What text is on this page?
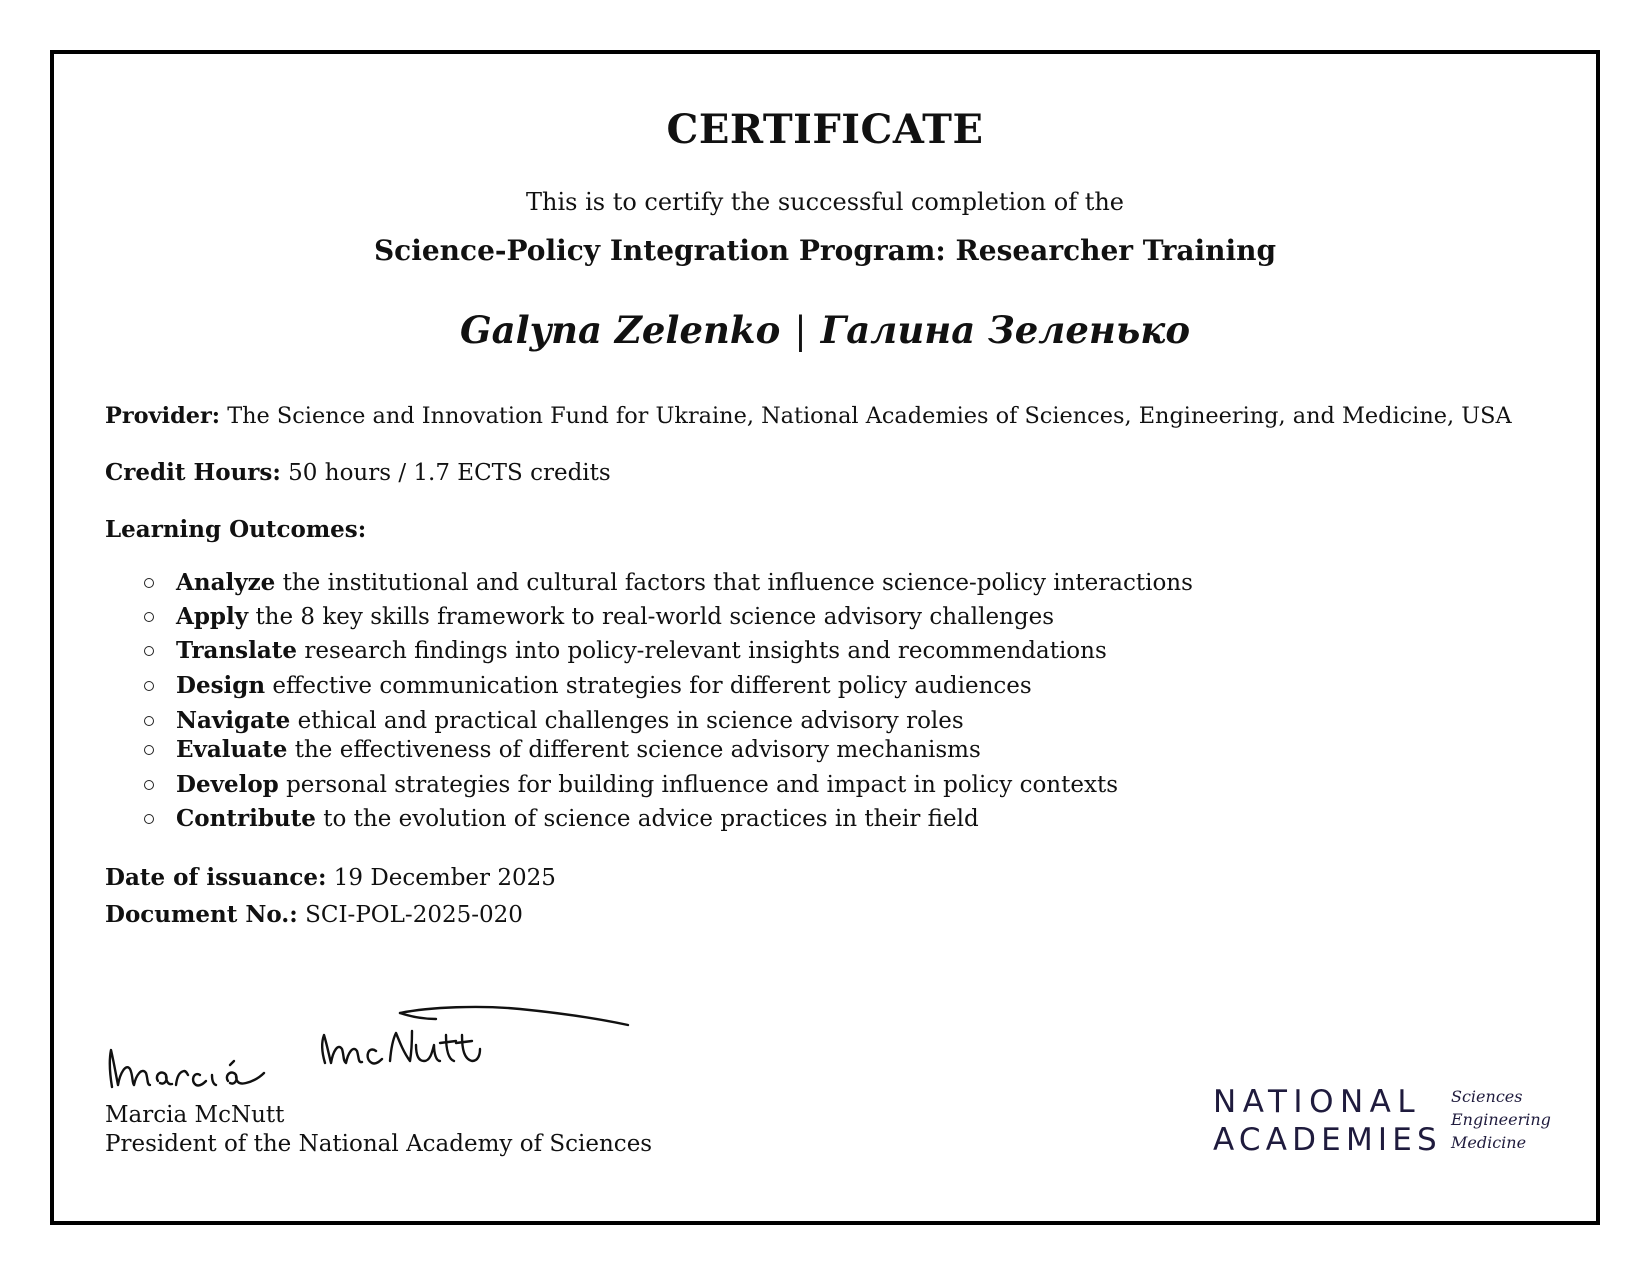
CERTIFICATE
This is to certify the successful completion of the
Science-Policy Integration Program: Researcher Training
Galyna Zelenko | Галина Зеленько
Provider: The Science and Innovation Fund for Ukraine, National Academies of Sciences, Engineering, and Medicine, USA
Credit Hours: 50 hours / 1.7 ECTS credits
Learning Outcomes:
Analyze the institutional and cultural factors that influence science-policy interactions
Apply the 8 key skills framework to real-world science advisory challenges
Translate research findings into policy-relevant insights and recommendations
Design effective communication strategies for different policy audiences
Navigate ethical and practical challenges in science advisory roles
Evaluate the effectiveness of different science advisory mechanisms
Develop personal strategies for building influence and impact in policy contexts
Contribute to the evolution of science advice practices in their field
Date of issuance: 19 December 2025
Document No.: SCI-POL-2025-020
Marcia McNutt
President of the National Academy of Sciences
NATIONAL
ACADEMIES
Sciences
Engineering
Medicine
